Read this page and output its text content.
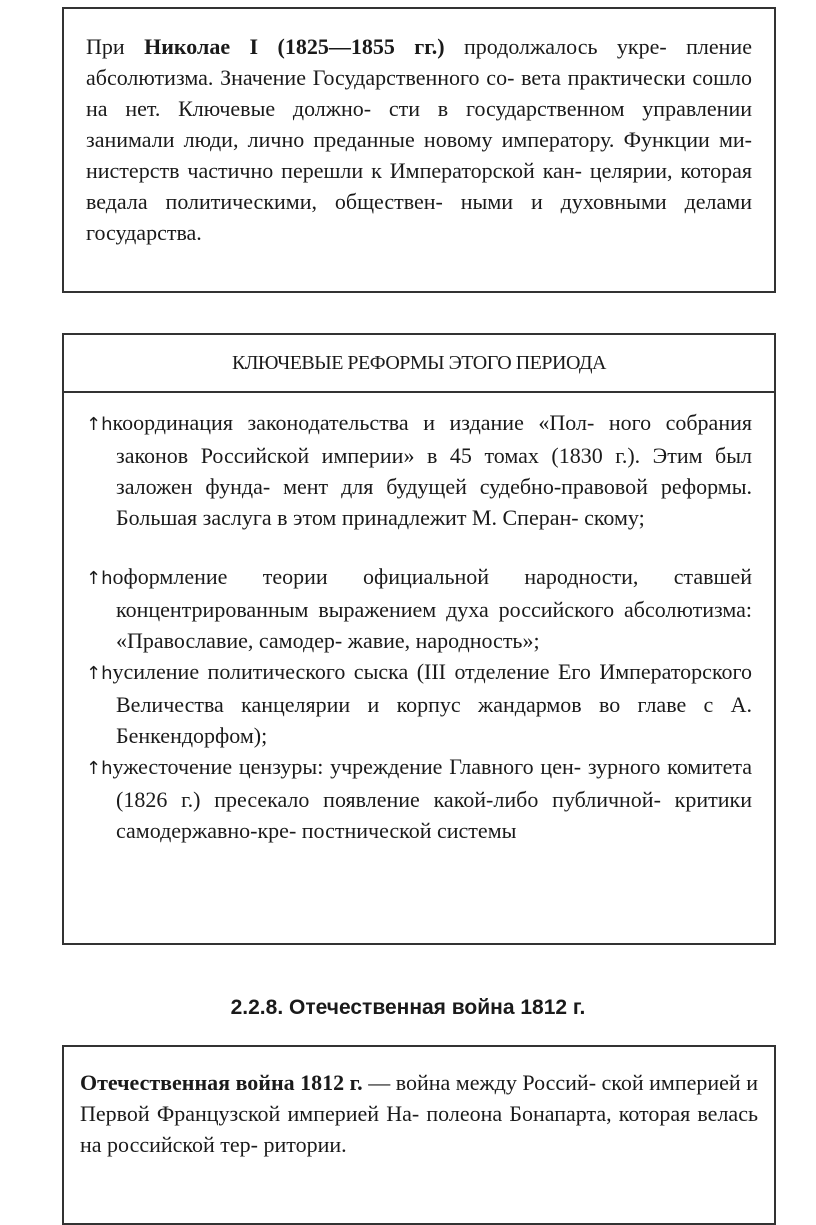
При Николае I (1825—1855 гг.) продолжалось укре- пление абсолютизма. Значение Государственного со- вета практически сошло на нет. Ключевые должно- сти в государственном управлении занимали люди, лично преданные новому императору. Функции ми- нистерств частично перешли к Императорской кан- целярии, которая ведала политическими, обществен- ными и духовными делами государства.

КЛЮЧЕВЫЕ РЕФОРМЫ ЭТОГО ПЕРИОДА

↑hкоординация законодательства и издание «Пол- ного собрания законов Российской империи» в 45 томах (1830 г.). Этим был заложен фунда- мент для будущей судебно-правовой реформы. Большая заслуга в этом принадлежит М. Сперан- скому;

↑hоформление теории официальной народности, ставшей концентрированным выражением духа российского абсолютизма: «Православие, самодер- жавие, народность»;

↑hусиление политического сыска (III отделение Его Императорского Величества канцелярии и корпус жандармов во главе с А. Бенкендорфом);

↑hужесточение цензуры: учреждение Главного цен- зурного комитета (1826 г.) пресекало появление какой-либо публичной- критики самодержавно-кре- постнической системы

2.2.8. Отечественная война 1812 г.

Отечественная война 1812 г. — война между Россий- ской империей и Первой Французской империей На- полеона Бонапарта, которая велась на российской тер- ритории.
